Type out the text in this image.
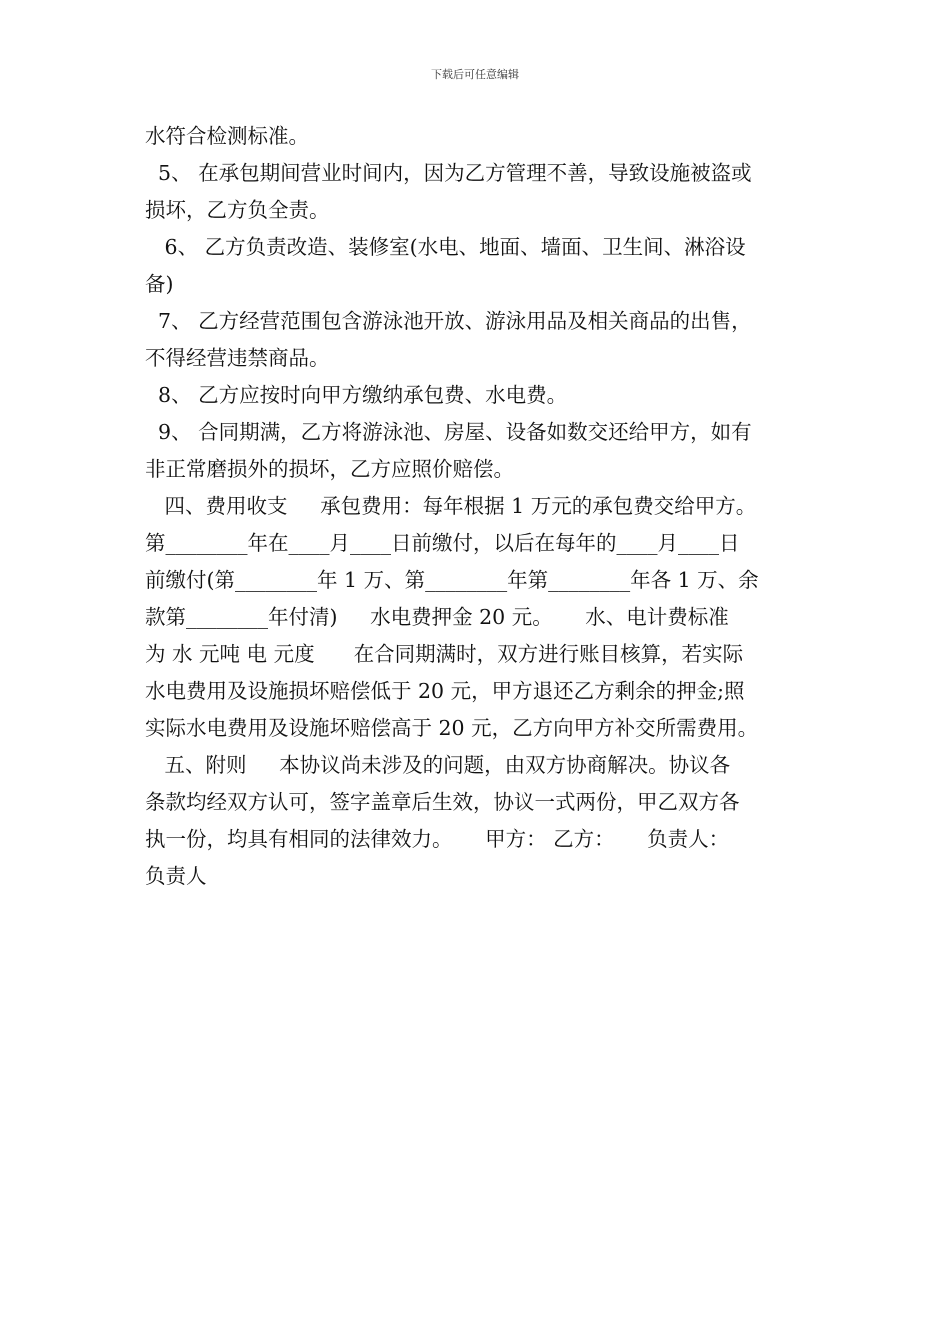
下载后可任意编辑
水符合检测标准。
5、 在承包期间营业时间内，因为乙方管理不善，导致设施被盗或
损坏，乙方负全责。
6、 乙方负责改造、装修室(水电、地面、墙面、卫生间、淋浴设
备)
7、 乙方经营范围包含游泳池开放、游泳用品及相关商品的出售，
不得经营违禁商品。
8、 乙方应按时向甲方缴纳承包费、水电费。
9、 合同期满，乙方将游泳池、房屋、设备如数交还给甲方，如有
非正常磨损外的损坏，乙方应照价赔偿。
四、费用收支     承包费用：每年根据 1 万元的承包费交给甲方。
第________年在____月____日前缴付，以后在每年的____月____日
前缴付(第________年 1 万、第________年第________年各 1 万、余
款第________年付清)     水电费押金 20 元。     水、电计费标准
为 水 元吨 电 元度      在合同期满时，双方进行账目核算，若实际
水电费用及设施损坏赔偿低于 20 元，甲方退还乙方剩余的押金;照
实际水电费用及设施坏赔偿高于 20 元，乙方向甲方补交所需费用。
五、附则     本协议尚未涉及的问题，由双方协商解决。协议各
条款均经双方认可，签字盖章后生效，协议一式两份，甲乙双方各
执一份，均具有相同的法律效力。     甲方： 乙方：     负责人：
负责人
